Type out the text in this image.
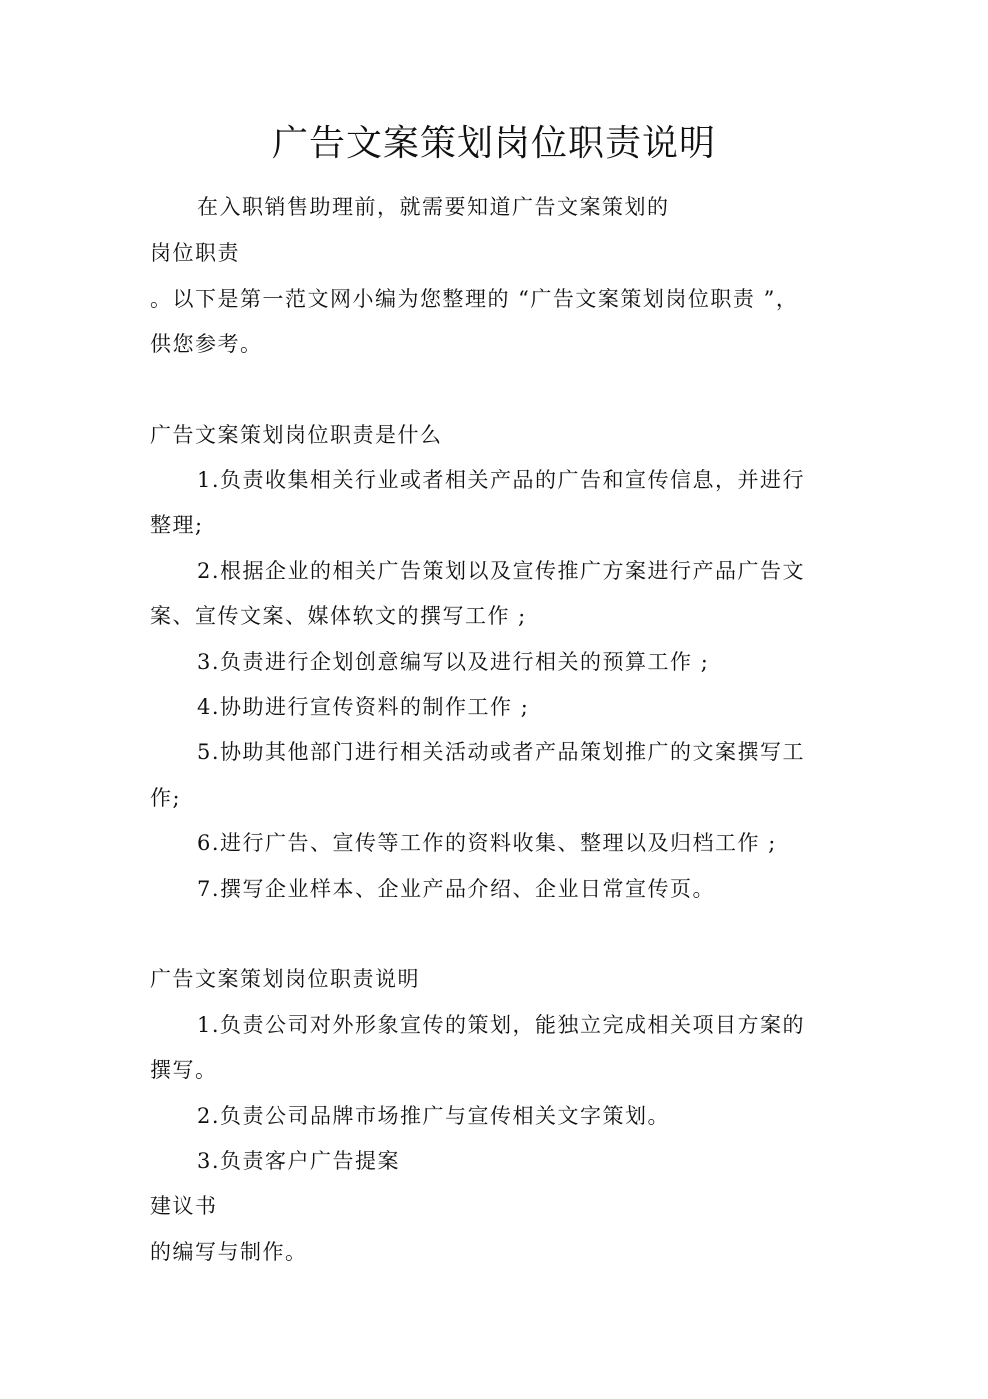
广告文案策划岗位职责说明
在入职销售助理前，就需要知道广告文案策划的
岗位职责
。以下是第一范文网小编为您整理的 “广告文案策划岗位职责 ”，
供您参考。
广告文案策划岗位职责是什么
1.负责收集相关行业或者相关产品的广告和宣传信息，并进行
整理;
2.根据企业的相关广告策划以及宣传推广方案进行产品广告文
案、宣传文案、媒体软文的撰写工作 ;
3.负责进行企划创意编写以及进行相关的预算工作 ;
4.协助进行宣传资料的制作工作 ;
5.协助其他部门进行相关活动或者产品策划推广的文案撰写工
作;
6.进行广告、宣传等工作的资料收集、整理以及归档工作 ;
7.撰写企业样本、企业产品介绍、企业日常宣传页。
广告文案策划岗位职责说明
1.负责公司对外形象宣传的策划，能独立完成相关项目方案的
撰写。
2.负责公司品牌市场推广与宣传相关文字策划。
3.负责客户广告提案
建议书
的编写与制作。
